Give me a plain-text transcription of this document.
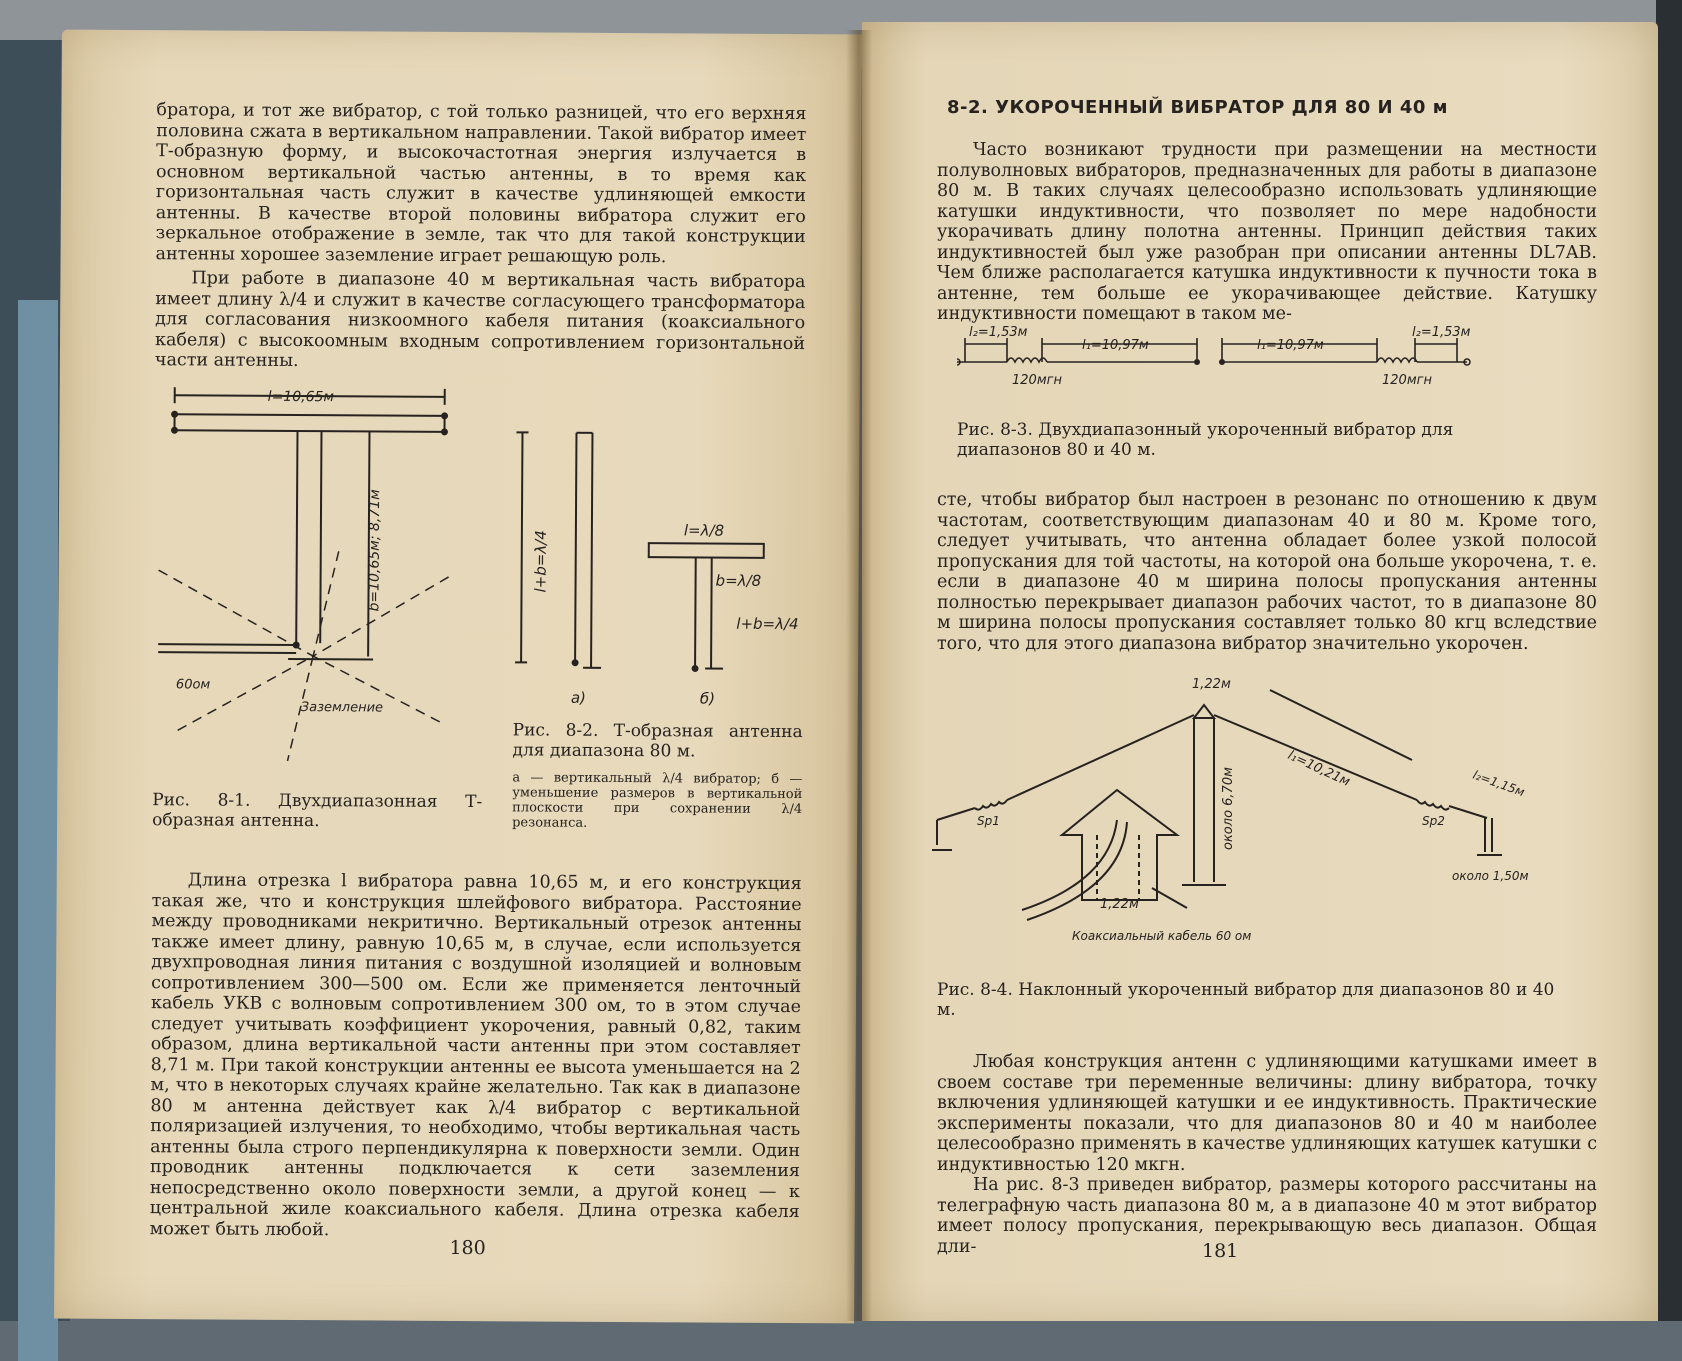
братора, и тот же вибратор, с той только разницей, что его верхняя половина сжата в вертикальном направлении. Такой вибратор имеет Т-образную форму, и высокочастотная энергия излучается в основном вертикальной частью антенны, в то время как горизонтальная часть служит в качестве удлиняющей емкости антенны. В качестве второй половины вибратора служит его зеркальное отображение в земле, так что для такой конструкции антенны хорошее заземление играет решающую роль.

При работе в диапазоне 40 м вертикальная часть вибратора имеет длину λ/4 и служит в качестве согласующего трансформатора для согласования низкоомного кабеля питания (коаксиального кабеля) с высокоомным входным сопротивлением горизонтальной части антенны.

l=10,65м
b=10,65м; 8,71м
60ом
Заземление
Рис. 8-1. Двухдиапазонная Т-образная антенна.
l+b=λ/4	l=λ/8
b=λ/8
l+b=λ/4
а)	б)
Рис. 8-2. Т-образная антенна для диапазона 80 м.
а — вертикальный λ/4 вибратор; б — уменьшение размеров в вертикальной плоскости при сохранении λ/4 резонанса.

Длина отрезка l вибратора равна 10,65 м, и его конструкция такая же, что и конструкция шлейфового вибратора. Расстояние между проводниками некритично. Вертикальный отрезок антенны также имеет длину, равную 10,65 м, в случае, если используется двухпроводная линия питания с воздушной изоляцией и волновым сопротивлением 300—500 ом. Если же применяется ленточный кабель УКВ с волновым сопротивлением 300 ом, то в этом случае следует учитывать коэффициент укорочения, равный 0,82, таким образом, длина вертикальной части антенны при этом составляет 8,71 м. При такой конструкции антенны ее высота уменьшается на 2 м, что в некоторых случаях крайне желательно. Так как в диапазоне 80 м антенна действует как λ/4 вибратор с вертикальной поляризацией излучения, то необходимо, чтобы вертикальная часть антенны была строго перпендикулярна к поверхности земли. Один проводник антенны подключается к сети заземления непосредственно около поверхности земли, а другой конец — к центральной жиле коаксиального кабеля. Длина отрезка кабеля может быть любой.

180
8-2. УКОРОЧЕННЫЙ ВИБРАТОР ДЛЯ 80 И 40 м

Часто возникают трудности при размещении на местности полуволновых вибраторов, предназначенных для работы в диапазоне 80 м. В таких случаях целесообразно использовать удлиняющие катушки индуктивности, что позволяет по мере надобности укорачивать длину полотна антенны. Принцип действия таких индуктивностей был уже разобран при описании антенны DL7AB. Чем ближе располагается катушка индуктивности к пучности тока в антенне, тем больше ее укорачивающее действие. Катушку индуктивности помещают в таком ме-

l₂=1,53м
l₁=10,97м
120мгн
l₁=10,97м
l₂=1,53м
120мгн
Рис. 8-3. Двухдиапазонный укороченный вибратор для диапазонов 80 и 40 м.

сте, чтобы вибратор был настроен в резонанс по отношению к двум частотам, соответствующим диапазонам 40 и 80 м. Кроме того, следует учитывать, что антенна обладает более узкой полосой пропускания для той частоты, на которой она больше укорочена, т. е. если в диапазоне 40 м ширина полосы пропускания антенны полностью перекрывает диапазон рабочих частот, то в диапазоне 80 м ширина полосы пропускания составляет только 80 кгц вследствие того, что для этого диапазона вибратор значительно укорочен.

1,22м
l₁=10,21м	l₂=1,15м
около 6,70м
Sp1	Sp2
1,22м
около 1,50м
Коаксиальный кабель 60 ом
Рис. 8-4. Наклонный укороченный вибратор для диапазонов 80 и 40 м.

Любая конструкция антенн с удлиняющими катушками имеет в своем составе три переменные величины: длину вибратора, точку включения удлиняющей катушки и ее индуктивность. Практические эксперименты показали, что для диапазонов 80 и 40 м наиболее целесообразно применять в качестве удлиняющих катушек катушки с индуктивностью 120 мкгн.

На рис. 8-3 приведен вибратор, размеры которого рассчитаны на телеграфную часть диапазона 80 м, а в диапазоне 40 м этот вибратор имеет полосу пропускания, перекрывающую весь диапазон. Общая дли-	181
